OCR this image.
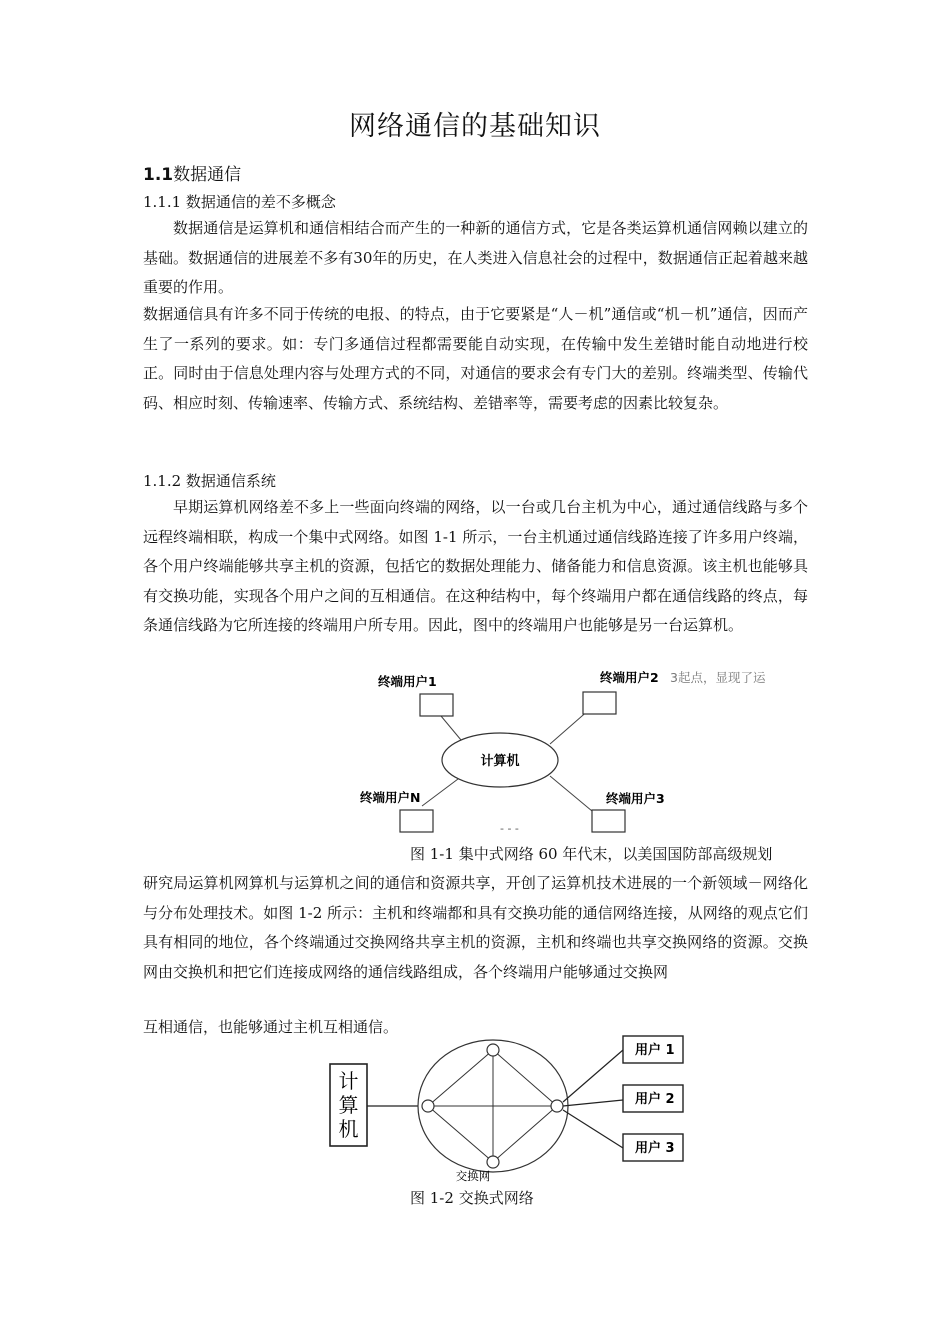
网络通信的基础知识
1.1数据通信
1.1.1 数据通信的差不多概念

数据通信是运算机和通信相结合而产生的一种新的通信方式，它是各类运算机通信网赖以建立的基础。数据通信的进展差不多有30年的历史，在人类进入信息社会的过程中，数据通信正起着越来越重要的作用。

数据通信具有许多不同于传统的电报、的特点，由于它要紧是“人－机”通信或“机－机”通信，因而产生了一系列的要求。如：专门多通信过程都需要能自动实现，在传输中发生差错时能自动地进行校正。同时由于信息处理内容与处理方式的不同，对通信的要求会有专门大的差别。终端类型、传输代码、相应时刻、传输速率、传输方式、系统结构、差错率等，需要考虑的因素比较复杂。

1.1.2 数据通信系统

早期运算机网络差不多上一些面向终端的网络，以一台或几台主机为中心，通过通信线路与多个远程终端相联，构成一个集中式网络。如图 1-1 所示，一台主机通过通信线路连接了许多用户终端，各个用户终端能够共享主机的资源，包括它的数据处理能力、储备能力和信息资源。该主机也能够具有交换功能，实现各个用户之间的互相通信。在这种结构中，每个终端用户都在通信线路的终点，每条通信线路为它所连接的终端用户所专用。因此，图中的终端用户也能够是另一台运算机。

计算机
终端用户1	终端用户2 3起点，显现了运
终端用户N	终端用户3
- - -

图 1-1 集中式网络 60 年代末，以美国国防部高级规划

研究局运算机网算机与运算机之间的通信和资源共享，开创了运算机技术进展的一个新领域－网络化与分布处理技术。如图 1-2 所示：主机和终端都和具有交换功能的通信网络连接，从网络的观点它们具有相同的地位，各个终端通过交换网络共享主机的资源，主机和终端也共享交换网络的资源。交换网由交换机和把它们连接成网络的通信线路组成，各个终端用户能够通过交换网

互相通信，也能够通过主机互相通信。

计
算
机
用户 1
用户 2
用户 3
交换网

图 1-2 交换式网络
